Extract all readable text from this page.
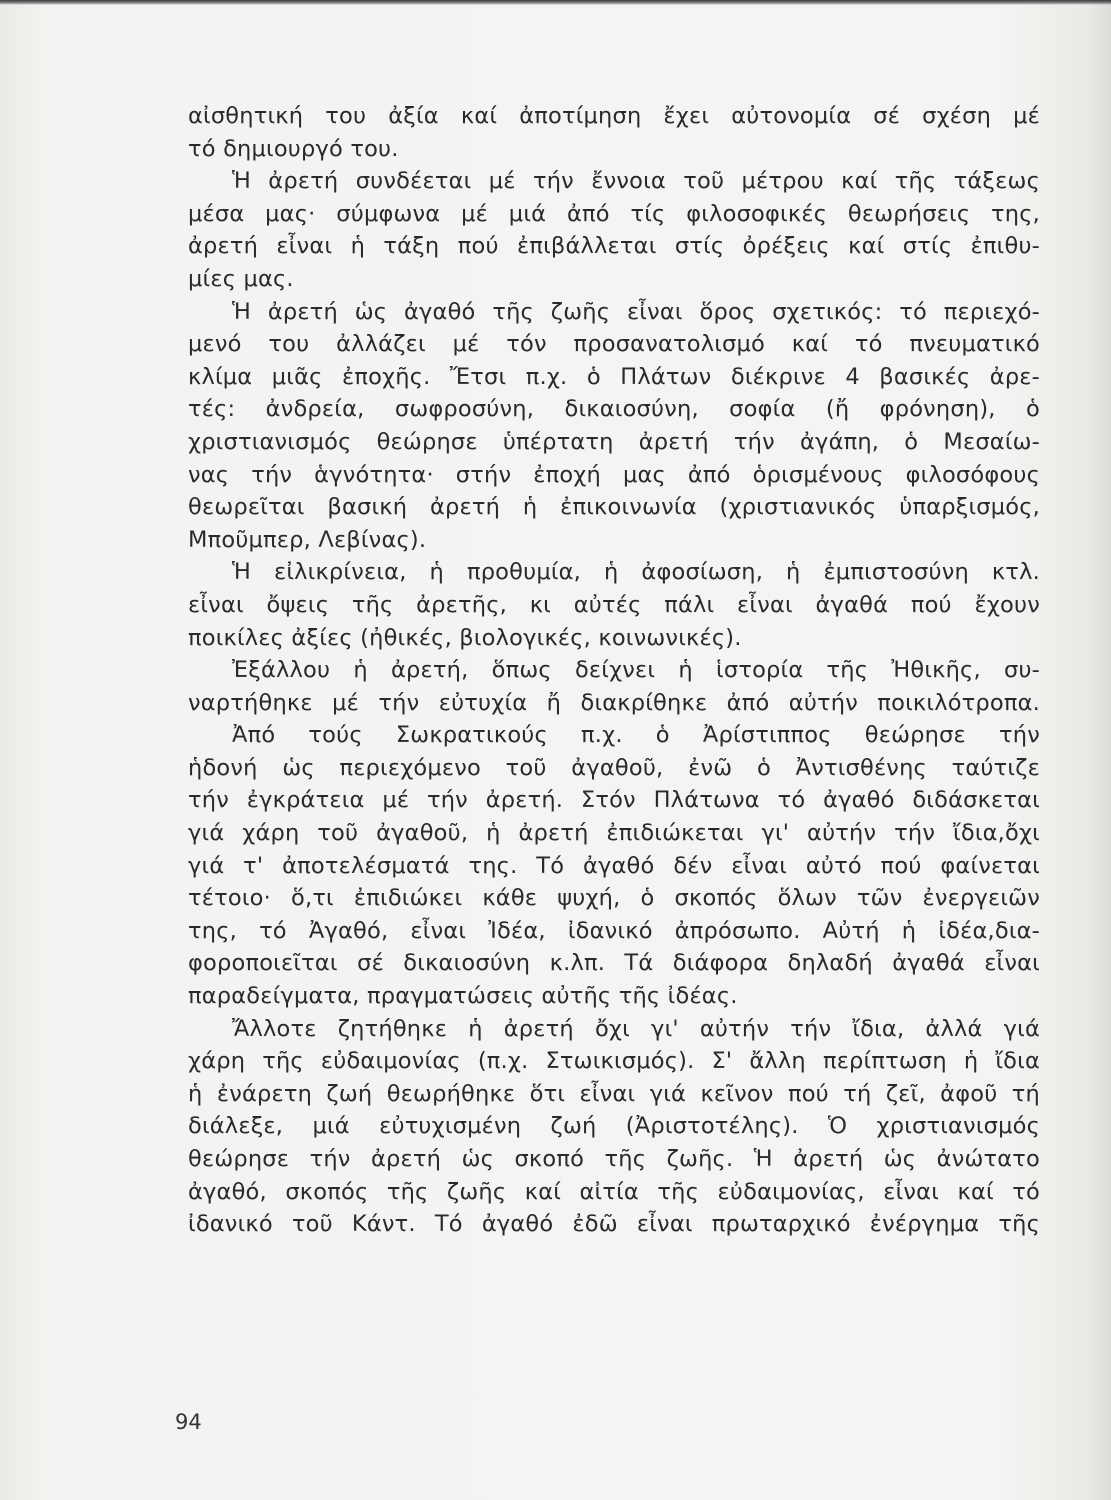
αἰσθητική του ἀξία καί ἀποτίμηση ἔχει αὐτονομία σέ σχέση μέ
τό δημιουργό του.
Ἡ ἀρετή συνδέεται μέ τήν ἔννοια τοῦ μέτρου καί τῆς τάξεως
μέσα μας· σύμφωνα μέ μιά ἀπό τίς φιλοσοφικές θεωρήσεις της,
ἀρετή εἶναι ἡ τάξη πού ἐπιβάλλεται στίς ὀρέξεις καί στίς ἐπιθυ-
μίες μας.
Ἡ ἀρετή ὡς ἀγαθό τῆς ζωῆς εἶναι ὅρος σχετικός: τό περιεχό-
μενό του ἀλλάζει μέ τόν προσανατολισμό καί τό πνευματικό
κλίμα μιᾶς ἐποχῆς. Ἔτσι π.χ. ὁ Πλάτων διέκρινε 4 βασικές ἀρε-
τές: ἀνδρεία, σωφροσύνη, δικαιοσύνη, σοφία (ἤ φρόνηση), ὁ
χριστιανισμός θεώρησε ὑπέρτατη ἀρετή τήν ἀγάπη, ὁ Μεσαίω-
νας τήν ἁγνότητα· στήν ἐποχή μας ἀπό ὁρισμένους φιλοσόφους
θεωρεῖται βασική ἀρετή ἡ ἐπικοινωνία (χριστιανικός ὑπαρξισμός,
Μποῦμπερ, Λεβίνας).
Ἡ εἰλικρίνεια, ἡ προθυμία, ἡ ἀφοσίωση, ἡ ἐμπιστοσύνη κτλ.
εἶναι ὄψεις τῆς ἀρετῆς, κι αὐτές πάλι εἶναι ἀγαθά πού ἔχουν
ποικίλες ἀξίες (ἠθικές, βιολογικές, κοινωνικές).
Ἐξάλλου ἡ ἀρετή, ὅπως δείχνει ἡ ἱστορία τῆς Ἠθικῆς, συ-
ναρτήθηκε μέ τήν εὐτυχία ἤ διακρίθηκε ἀπό αὐτήν ποικιλότροπα.
Ἀπό τούς Σωκρατικούς π.χ. ὁ Ἀρίστιππος θεώρησε τήν
ἡδονή ὡς περιεχόμενο τοῦ ἀγαθοῦ, ἐνῶ ὁ Ἀντισθένης ταύτιζε
τήν ἐγκράτεια μέ τήν ἀρετή. Στόν Πλάτωνα τό ἀγαθό διδάσκεται
γιά χάρη τοῦ ἀγαθοῦ, ἡ ἀρετή ἐπιδιώκεται γι' αὐτήν τήν ἴδια,ὄχι
γιά τ' ἀποτελέσματά της. Τό ἀγαθό δέν εἶναι αὐτό πού φαίνεται
τέτοιο· ὅ,τι ἐπιδιώκει κάθε ψυχή, ὁ σκοπός ὅλων τῶν ἐνεργειῶν
της, τό Ἀγαθό, εἶναι Ἰδέα, ἰδανικό ἀπρόσωπο. Αὐτή ἡ ἰδέα,δια-
φοροποιεῖται σέ δικαιοσύνη κ.λπ. Τά διάφορα δηλαδή ἀγαθά εἶναι
παραδείγματα, πραγματώσεις αὐτῆς τῆς ἰδέας.
Ἄλλοτε ζητήθηκε ἡ ἀρετή ὄχι γι' αὐτήν τήν ἴδια, ἀλλά γιά
χάρη τῆς εὐδαιμονίας (π.χ. Στωικισμός). Σ' ἄλλη περίπτωση ἡ ἴδια
ἡ ἐνάρετη ζωή θεωρήθηκε ὅτι εἶναι γιά κεῖνον πού τή ζεῖ, ἀφοῦ τή
διάλεξε, μιά εὐτυχισμένη ζωή (Ἀριστοτέλης). Ὁ χριστιανισμός
θεώρησε τήν ἀρετή ὡς σκοπό τῆς ζωῆς. Ἡ ἀρετή ὡς ἀνώτατο
ἀγαθό, σκοπός τῆς ζωῆς καί αἰτία τῆς εὐδαιμονίας, εἶναι καί τό
ἰδανικό τοῦ Κάντ. Τό ἀγαθό ἐδῶ εἶναι πρωταρχικό ἐνέργημα τῆς
94
